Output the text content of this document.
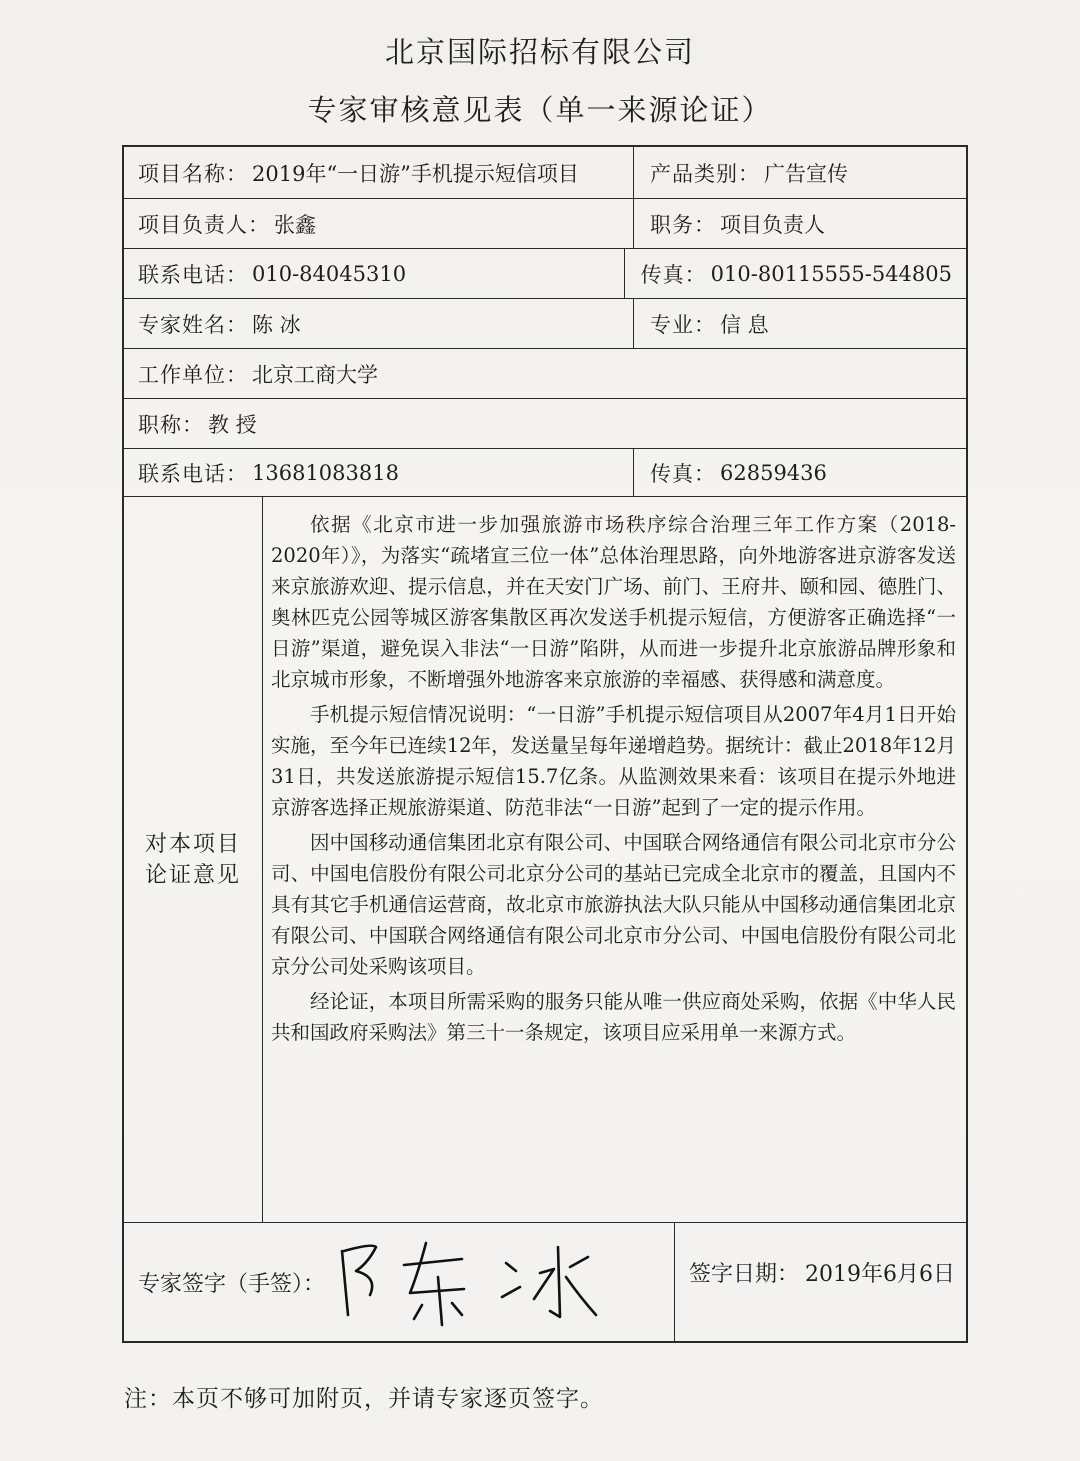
北京国际招标有限公司
专家审核意见表（单一来源论证）
项目名称： 2019年“一日游”手机提示短信项目	产品类别： 广告宣传
项目负责人： 张鑫	职务： 项目负责人
联系电话： 010-84045310	传真： 010-80115555-544805
专家姓名： 陈 冰	专业： 信 息
工作单位： 北京工商大学
职称： 教 授
联系电话： 13681083818	传真： 62859436
对本项目
论证意见

依据《北京市进一步加强旅游市场秩序综合治理三年工作方案（2018-2020年）》，为落实“疏堵宣三位一体”总体治理思路，向外地游客进京游客发送来京旅游欢迎、提示信息，并在天安门广场、前门、王府井、颐和园、德胜门、奥林匹克公园等城区游客集散区再次发送手机提示短信，方便游客正确选择“一日游”渠道，避免误入非法“一日游”陷阱，从而进一步提升北京旅游品牌形象和北京城市形象，不断增强外地游客来京旅游的幸福感、获得感和满意度。

手机提示短信情况说明：“一日游”手机提示短信项目从2007年4月1日开始实施，至今年已连续12年，发送量呈每年递增趋势。据统计：截止2018年12月31日，共发送旅游提示短信15.7亿条。从监测效果来看：该项目在提示外地进京游客选择正规旅游渠道、防范非法“一日游”起到了一定的提示作用。

因中国移动通信集团北京有限公司、中国联合网络通信有限公司北京市分公司、中国电信股份有限公司北京分公司的基站已完成全北京市的覆盖，且国内不具有其它手机通信运营商，故北京市旅游执法大队只能从中国移动通信集团北京有限公司、中国联合网络通信有限公司北京市分公司、中国电信股份有限公司北京分公司处采购该项目。

经论证，本项目所需采购的服务只能从唯一供应商处采购，依据《中华人民共和国政府采购法》第三十一条规定，该项目应采用单一来源方式。

专家签字（手签）：	签字日期： 2019年6月6日
注：本页不够可加附页，并请专家逐页签字。
